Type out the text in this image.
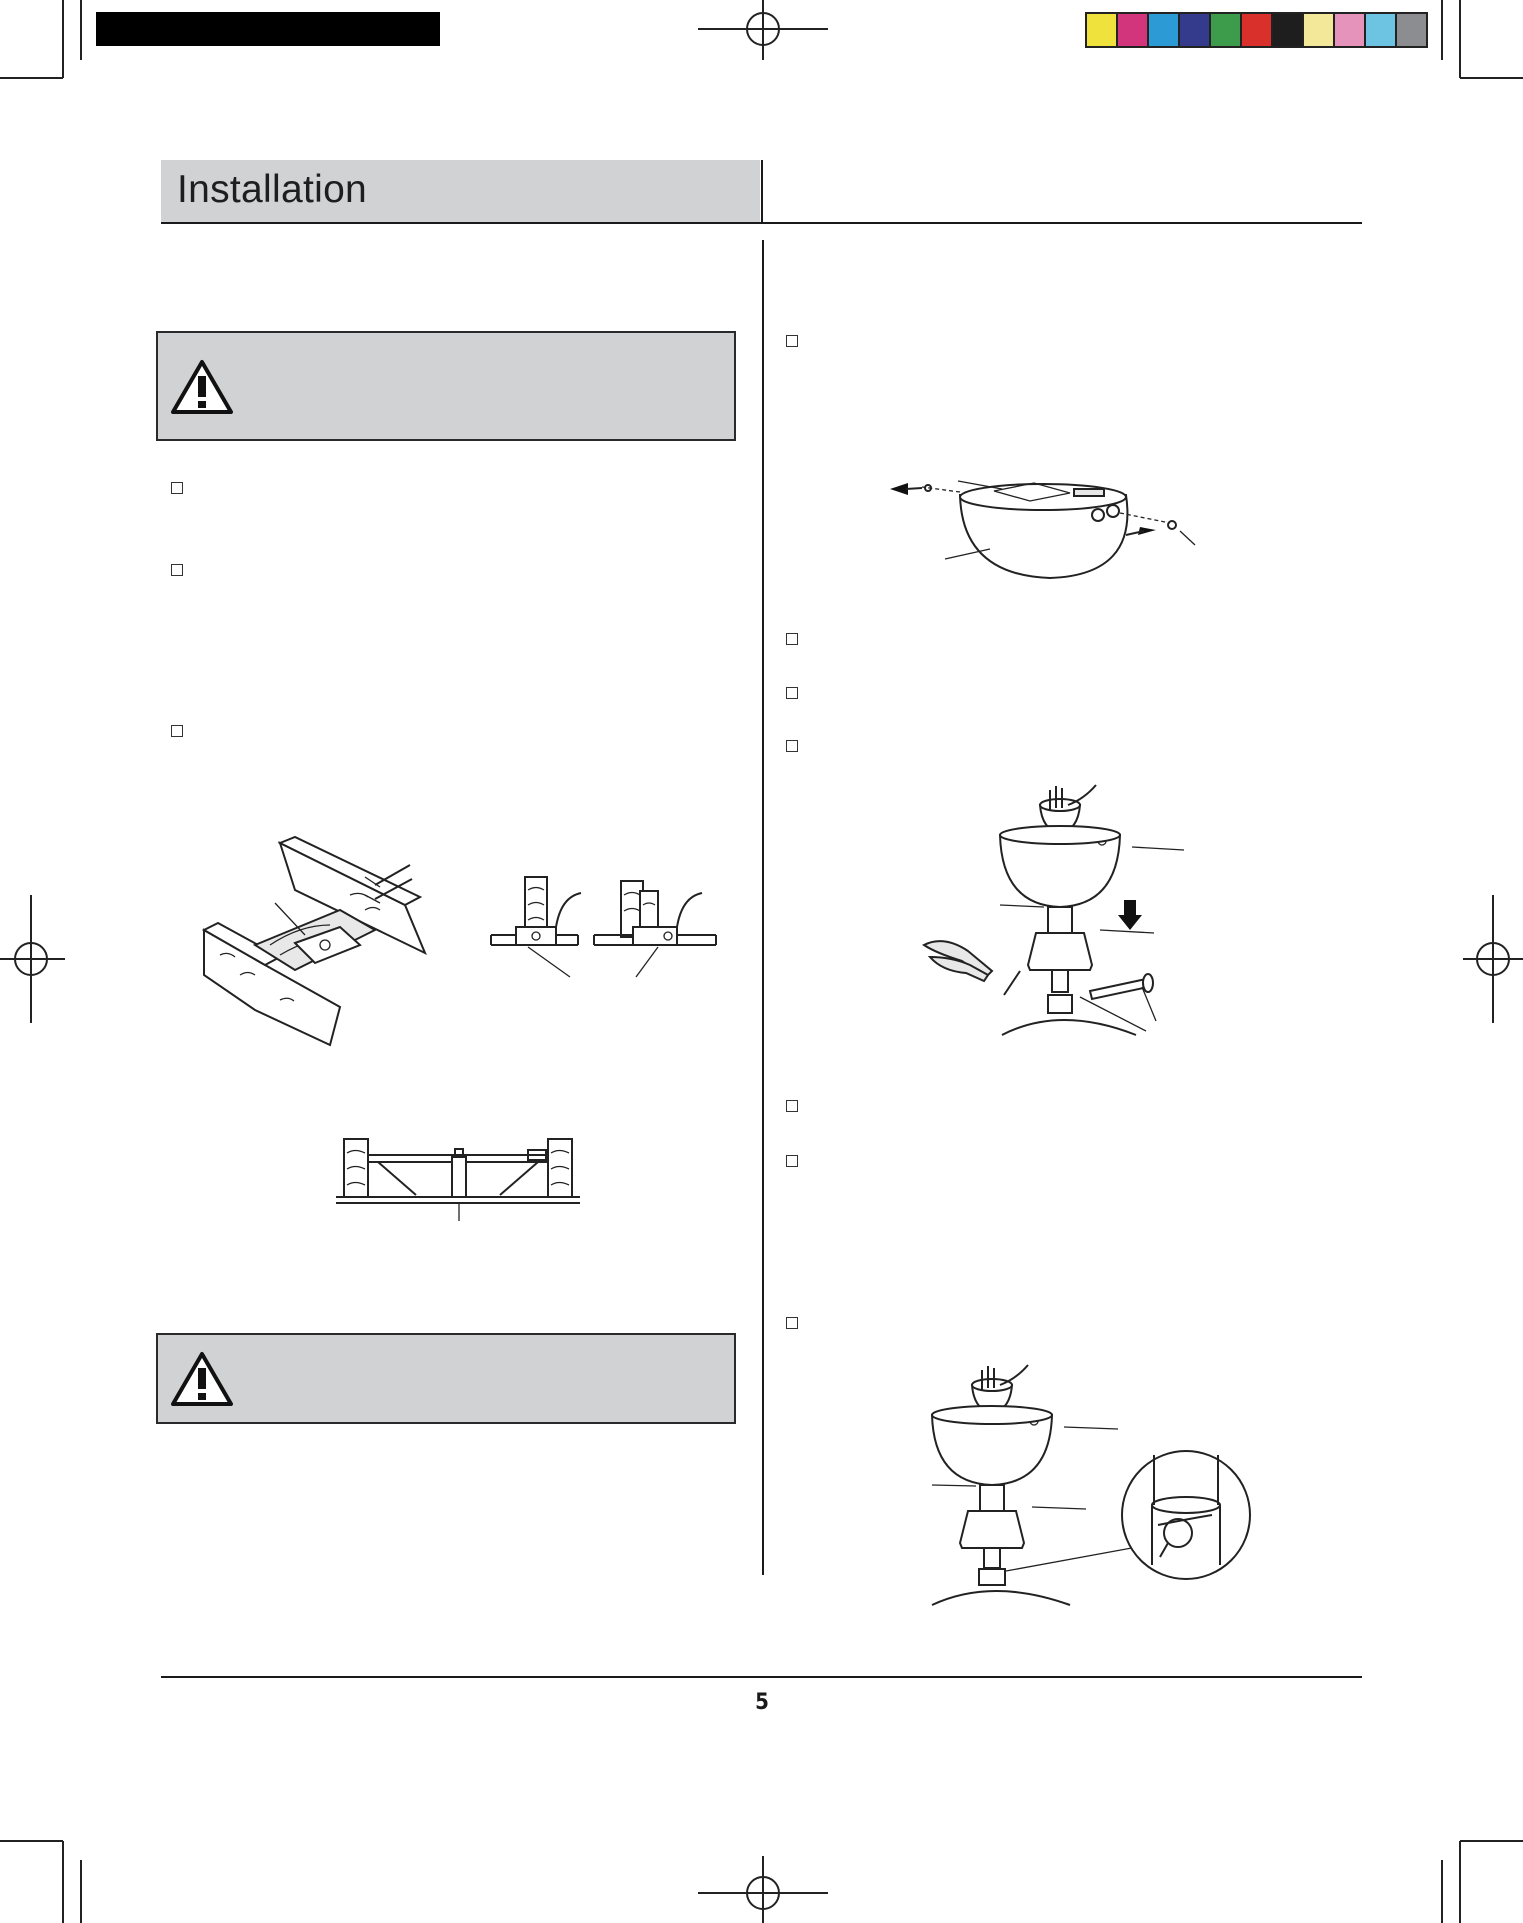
Installation
5
